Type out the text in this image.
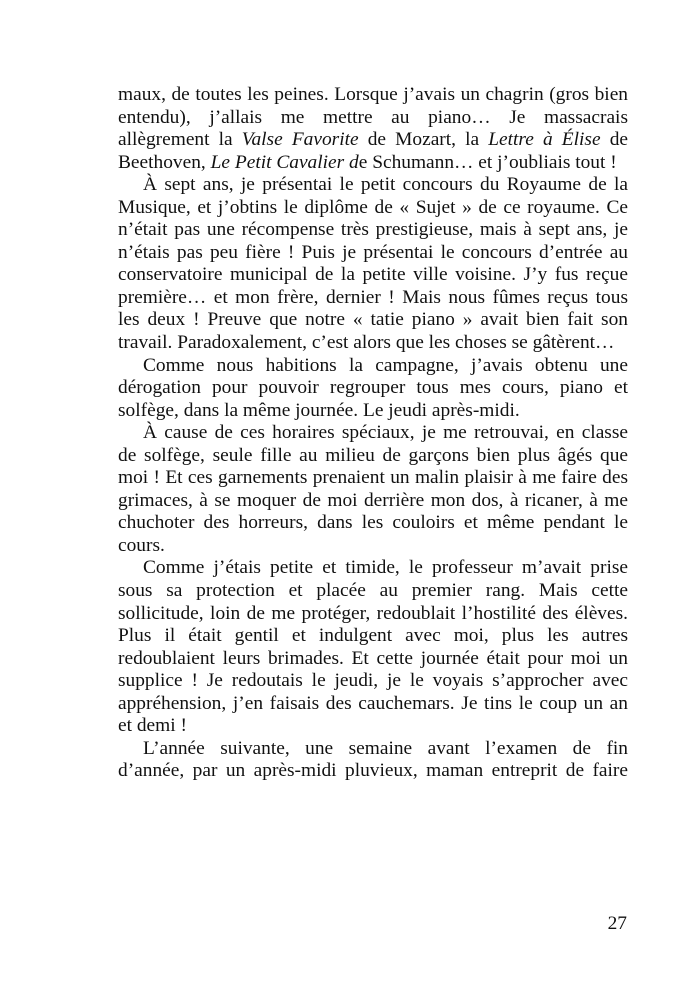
maux, de toutes les peines. Lorsque j’avais un chagrin (gros bien
entendu), j’allais me mettre au piano… Je massacrais
allègrement la Valse Favorite de Mozart, la Lettre à Élise de
Beethoven, Le Petit Cavalier de Schumann… et j’oubliais tout !
À sept ans, je présentai le petit concours du Royaume de la
Musique, et j’obtins le diplôme de « Sujet » de ce royaume. Ce
n’était pas une récompense très prestigieuse, mais à sept ans, je
n’étais pas peu fière ! Puis je présentai le concours d’entrée au
conservatoire municipal de la petite ville voisine. J’y fus reçue
première… et mon frère, dernier ! Mais nous fûmes reçus tous
les deux ! Preuve que notre « tatie piano » avait bien fait son
travail. Paradoxalement, c’est alors que les choses se gâtèrent…
Comme nous habitions la campagne, j’avais obtenu une
dérogation pour pouvoir regrouper tous mes cours, piano et
solfège, dans la même journée. Le jeudi après-midi.
À cause de ces horaires spéciaux, je me retrouvai, en classe
de solfège, seule fille au milieu de garçons bien plus âgés que
moi ! Et ces garnements prenaient un malin plaisir à me faire des
grimaces, à se moquer de moi derrière mon dos, à ricaner, à me
chuchoter des horreurs, dans les couloirs et même pendant le
cours.
Comme j’étais petite et timide, le professeur m’avait prise
sous sa protection et placée au premier rang. Mais cette
sollicitude, loin de me protéger, redoublait l’hostilité des élèves.
Plus il était gentil et indulgent avec moi, plus les autres
redoublaient leurs brimades. Et cette journée était pour moi un
supplice ! Je redoutais le jeudi, je le voyais s’approcher avec
appréhension, j’en faisais des cauchemars. Je tins le coup un an
et demi !
L’année suivante, une semaine avant l’examen de fin
d’année, par un après-midi pluvieux, maman entreprit de faire
27
